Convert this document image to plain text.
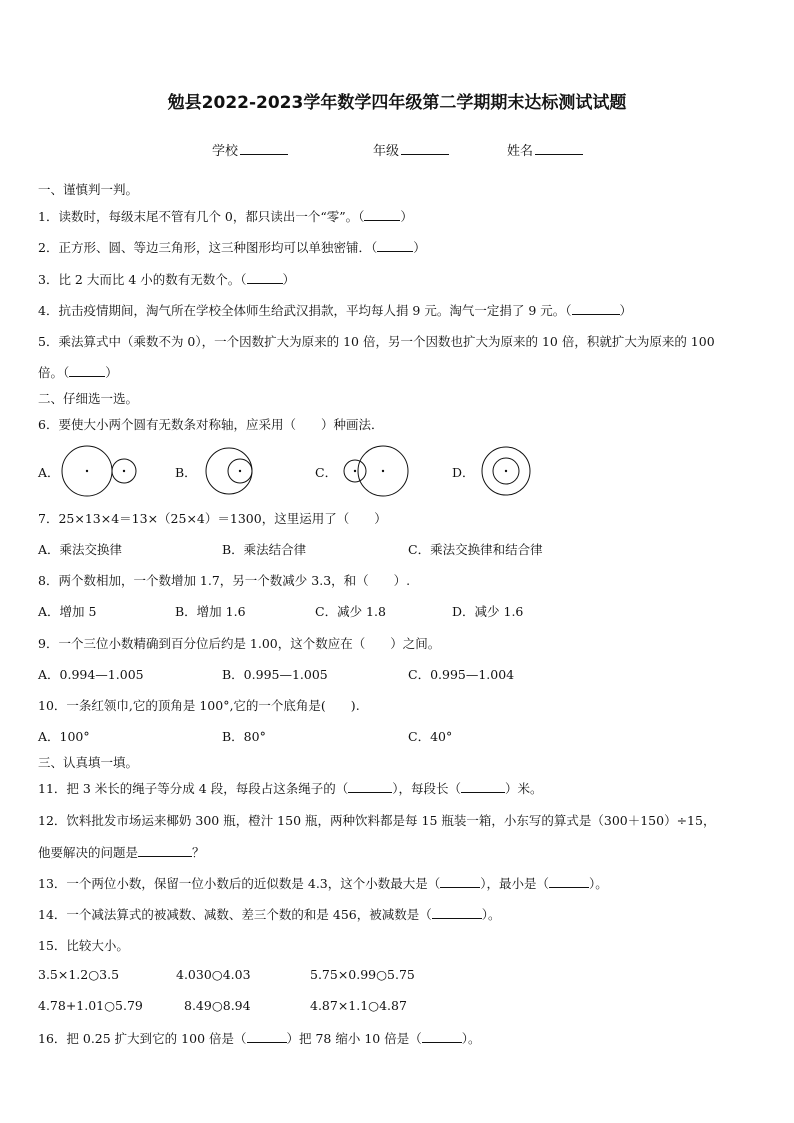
勉县2022-2023学年数学四年级第二学期期末达标测试试题
学校	年级	姓名
一、谨慎判一判。
1．读数时，每级末尾不管有几个 0，都只读出一个“零”。（	）
2．正方形、圆、等边三角形，这三种图形均可以单独密铺．（	）
3．比 2 大而比 4 小的数有无数个。（	）
4．抗击疫情期间，淘气所在学校全体师生给武汉捐款，平均每人捐 9 元。淘气一定捐了 9 元。（	）
5．乘法算式中（乘数不为 0），一个因数扩大为原来的 10 倍，另一个因数也扩大为原来的 10 倍，积就扩大为原来的 100
倍。（	）
二、仔细选一选。
6．要使大小两个圆有无数条对称轴，应采用（　　）种画法．
A．	B．	C．	D．
7．25×13×4＝13×（25×4）＝1300，这里运用了（　　）
A．乘法交换律	B．乘法结合律	C．乘法交换律和结合律
8．两个数相加，一个数增加 1.7，另一个数减少 3.3，和（　　）.
A．增加 5	B．增加 1.6	C．减少 1.8	D．减少 1.6
9．一个三位小数精确到百分位后约是 1.00，这个数应在（　　）之间。
A．0.994—1.005	B．0.995—1.005	C．0.995—1.004
10．一条红领巾,它的顶角是 100°,它的一个底角是(　　).
A．100°	B．80°	C．40°
三、认真填一填。
11．把 3 米长的绳子等分成 4 段，每段占这条绳子的（	），每段长（	）米。
12．饮料批发市场运来椰奶 300 瓶，橙汁 150 瓶，两种饮料都是每 15 瓶装一箱，小东写的算式是（300＋150）÷15，
他要解决的问题是	？
13．一个两位小数，保留一位小数后的近似数是 4.3，这个小数最大是（	），最小是（	）。
14．一个减法算式的被减数、减数、差三个数的和是 456，被减数是（	）。
15．比较大小。
3.5×1.2○3.5	4.030○4.03	5.75×0.99○5.75
4.78+1.01○5.79	8.49○8.94	4.87×1.1○4.87
16．把 0.25 扩大到它的 100 倍是（	）把 78 缩小 10 倍是（	）。
